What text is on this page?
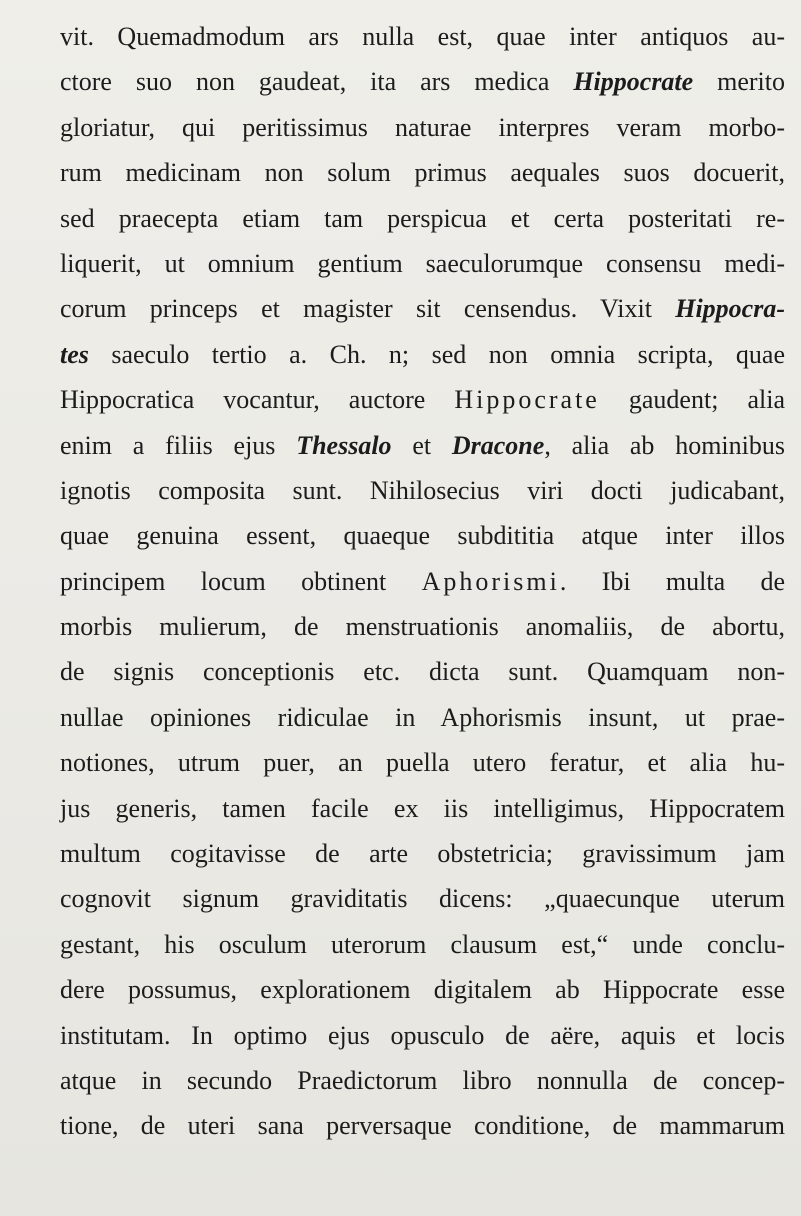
vit. Quemadmodum ars nulla est, quae inter antiquos au-
ctore suo non gaudeat, ita ars medica Hippocrate merito
gloriatur, qui peritissimus naturae interpres veram morbo-
rum medicinam non solum primus aequales suos docuerit,
sed praecepta etiam tam perspicua et certa posteritati re-
liquerit, ut omnium gentium saeculorumque consensu medi-
corum princeps et magister sit censendus. Vixit Hippocra-
tes saeculo tertio a. Ch. n; sed non omnia scripta, quae
Hippocratica vocantur, auctore Hippocrate gaudent; alia
enim a filiis ejus Thessalo et Dracone, alia ab hominibus
ignotis composita sunt. Nihilosecius viri docti judicabant,
quae genuina essent, quaeque subdititia atque inter illos
principem locum obtinent Aphorismi. Ibi multa de
morbis mulierum, de menstruationis anomaliis, de abortu,
de signis conceptionis etc. dicta sunt. Quamquam non-
nullae opiniones ridiculae in Aphorismis insunt, ut prae-
notiones, utrum puer, an puella utero feratur, et alia hu-
jus generis, tamen facile ex iis intelligimus, Hippocratem
multum cogitavisse de arte obstetricia; gravissimum jam
cognovit signum graviditatis dicens: „quaecunque uterum
gestant, his osculum uterorum clausum est,“ unde conclu-
dere possumus, explorationem digitalem ab Hippocrate esse
institutam. In optimo ejus opusculo de aëre, aquis et locis
atque in secundo Praedictorum libro nonnulla de concep-
tione, de uteri sana perversaque conditione, de mammarum
